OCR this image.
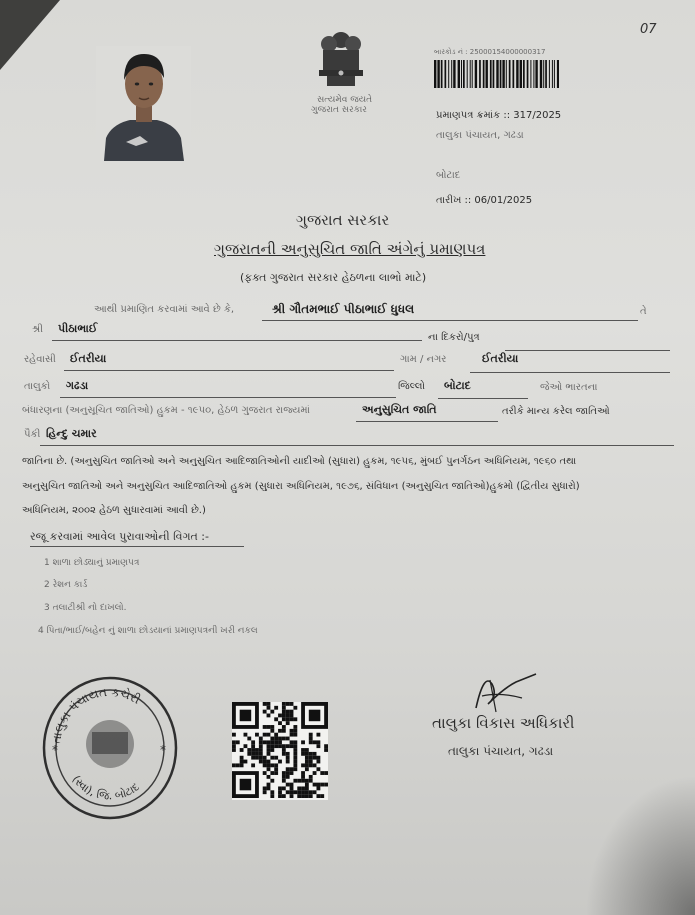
07
સત્યમેવ જયતે
ગુજરાત સરકાર
બારકોડ નં : 25000154000000317
પ્રમાણપત્ર ક્રમાંક :: 317/2025
તાલુકા પંચાયત, ગઢડા
બોટાદ
તારીખ :: 06/01/2025
ગુજરાત સરકાર
ગુજરાતની અનુસુચિત જાતિ અંગેનું પ્રમાણપત્ર
(ફક્ત ગુજરાત સરકાર હેઠળના લાભો માટે)
આથી પ્રમાણિત કરવામાં આવે છે કે,	શ્રી ગૌતમભાઈ પીઠાભાઈ ધુધલ	તે
શ્રી પીઠાભાઈ
ના દિકરો/પુત્ર
રહેવાસી ઈતરીયા	ગામ / નગર	ઈતરીયા
તાલુકો ગઢડા	જિલ્લો બોટાદ	જેઓ ભારતના
બંધારણના (અનુસૂચિત જાતિઓ) હુકમ - ૧૯૫૦, હેઠળ ગુજરાત રાજ્યમાં	અનુસુચિત જાતિ	તરીકે માન્ય કરેલ જાતિઓ
પૈકી હિન્દુ ચમાર
જાતિના છે. (અનુસુચિત જાતિઓ અને અનુસુચિત આદિજાતિઓની યાદીઓ (સુધારા) હુકમ, ૧૯૫૬, મુંબઈ પુનર્ગઠન અધિનિયમ, ૧૯૬૦ તથા
અનુસુચિત જાતિઓ અને અનુસુચિત આદિજાતિઓ હુકમ (સુધારા અધિનિયમ, ૧૯૭૬, સંવિધાન (અનુસુચિત જાતિઓ)હુકમો (દ્વિતીય સુધારો)
અધિનિયમ, ૨૦૦૨ હેઠળ સુધારવામાં આવી છે.)
રજૂ કરવામાં આવેલ પુરાવાઓની વિગત :-
1 શાળા છોડ્યાનું પ્રમાણપત્ર
2 રેશન કાર્ડ
3 તલાટીશ્રી નો દાખલો.
4 પિતા/ભાઈ/બહેન નું શાળા છોડયાનાં પ્રમાણપત્રની ખરી નકલ
તાલુકા પંચાયત કચેરી
(સ્વા), જિ. બોટાદ
*	*
તાલુકા વિકાસ અધિકારી
તાલુકા પંચાયત, ગઢડા
